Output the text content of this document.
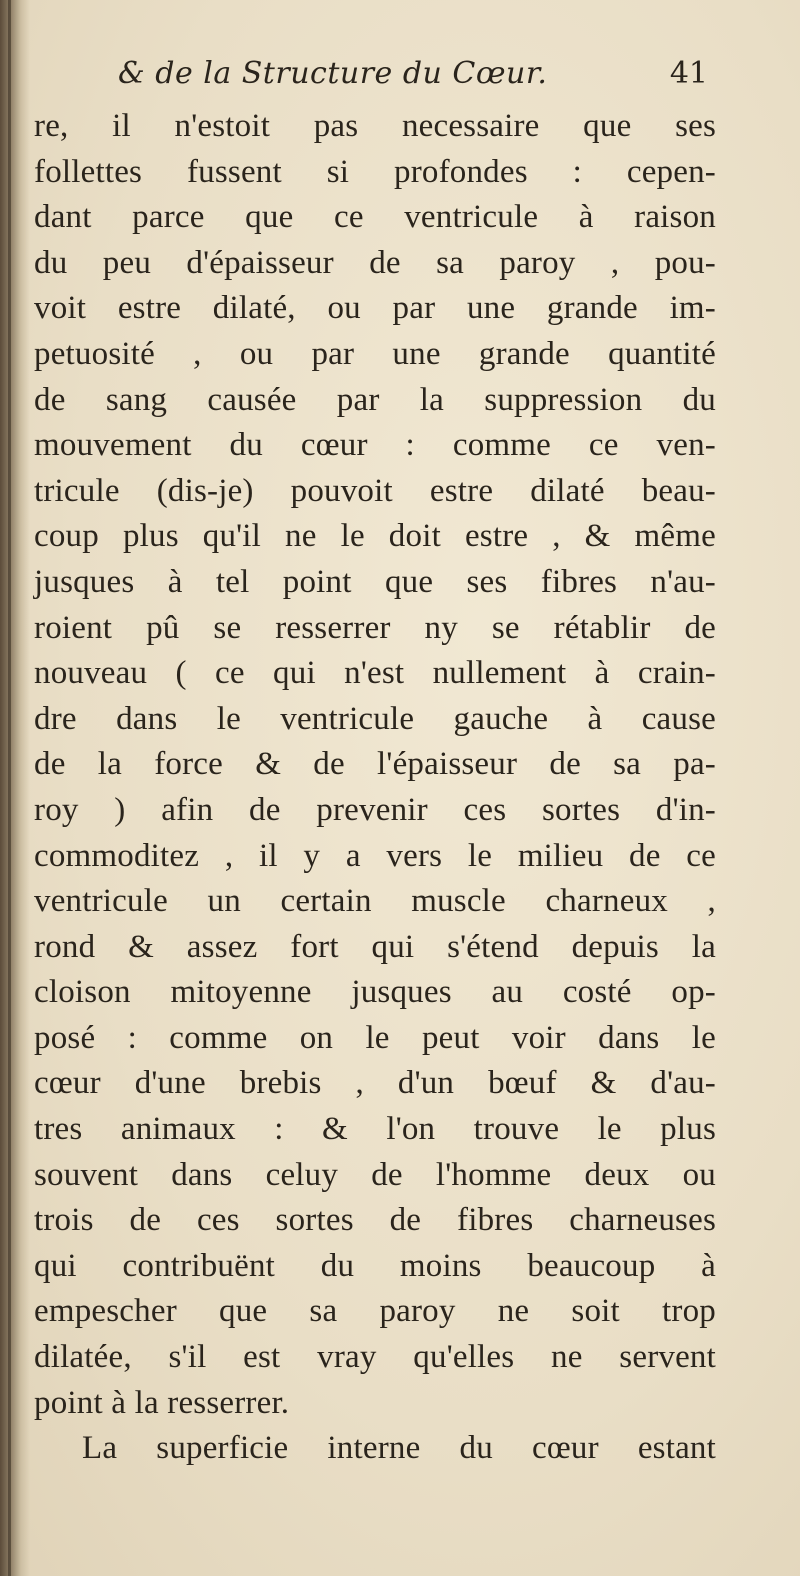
& de la Structure du Cœur.	41
re, il n'estoit pas necessaire que ses
follettes fussent si profondes : cepen-
dant parce que ce ventricule à raison
du peu d'épaisseur de sa paroy , pou-
voit estre dilaté, ou par une grande im-
petuosité , ou par une grande quantité
de sang causée par la suppression du
mouvement du cœur : comme ce ven-
tricule (dis-je) pouvoit estre dilaté beau-
coup plus qu'il ne le doit estre , & même
jusques à tel point que ses fibres n'au-
roient pû se resserrer ny se rétablir de
nouveau ( ce qui n'est nullement à crain-
dre dans le ventricule gauche à cause
de la force & de l'épaisseur de sa pa-
roy ) afin de prevenir ces sortes d'in-
commoditez , il y a vers le milieu de ce
ventricule un certain muscle charneux ,
rond & assez fort qui s'étend depuis la
cloison mitoyenne jusques au costé op-
posé : comme on le peut voir dans le
cœur d'une brebis , d'un bœuf & d'au-
tres animaux : & l'on trouve le plus
souvent dans celuy de l'homme deux ou
trois de ces sortes de fibres charneuses
qui contribuënt du moins beaucoup à
empescher que sa paroy ne soit trop
dilatée, s'il est vray qu'elles ne servent
point à la resserrer.
La superficie interne du cœur estant
